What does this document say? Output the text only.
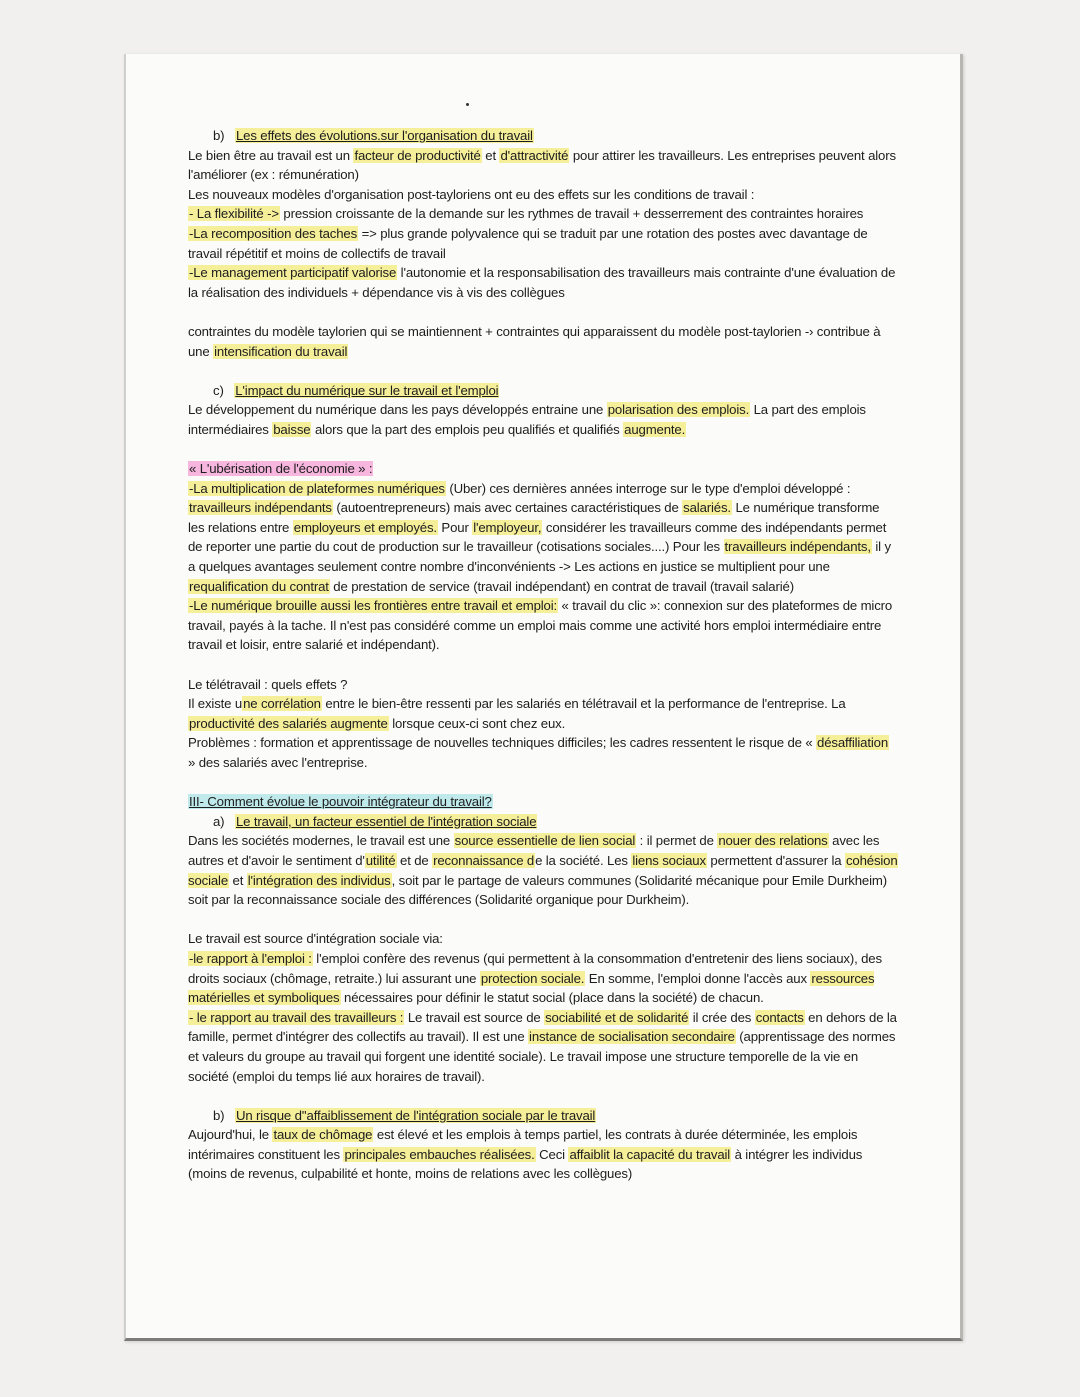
b) Les effets des évolutions.sur l'organisation du travail

Le bien être au travail est un facteur de productivité et d'attractivité pour attirer les travailleurs. Les entreprises peuvent alors l'améliorer (ex : rémunération)

Les nouveaux modèles d'organisation post-tayloriens ont eu des effets sur les conditions de travail :

- La flexibilité -> pression croissante de la demande sur les rythmes de travail + desserrement des contraintes horaires

-La recomposition des taches => plus grande polyvalence qui se traduit par une rotation des postes avec davantage de travail répétitif et moins de collectifs de travail

-Le management participatif valorise l'autonomie et la responsabilisation des travailleurs mais contrainte d'une évaluation de la réalisation des individuels + dépendance vis à vis des collègues

contraintes du modèle taylorien qui se maintiennent + contraintes qui apparaissent du modèle post-taylorien -› contribue à une intensification du travail

c) L'impact du numérique sur le travail et l'emploi

Le développement du numérique dans les pays développés entraine une polarisation des emplois. La part des emplois intermédiaires baisse alors que la part des emplois peu qualifiés et qualifiés augmente.

« L'ubérisation de l'économie » :

-La multiplication de plateformes numériques (Uber) ces dernières années interroge sur le type d'emploi développé : travailleurs indépendants (autoentrepreneurs) mais avec certaines caractéristiques de salariés. Le numérique transforme les relations entre employeurs et employés. Pour l'employeur, considérer les travailleurs comme des indépendants permet de reporter une partie du cout de production sur le travailleur (cotisations sociales....) Pour les travailleurs indépendants, il y a quelques avantages seulement contre nombre d'inconvénients -> Les actions en justice se multiplient pour une requalification du contrat de prestation de service (travail indépendant) en contrat de travail (travail salarié)

-Le numérique brouille aussi les frontières entre travail et emploi: « travail du clic »: connexion sur des plateformes de micro travail, payés à la tache. Il n'est pas considéré comme un emploi mais comme une activité hors emploi intermédiaire entre travail et loisir, entre salarié et indépendant).

Le télétravail : quels effets ?

Il existe une corrélation entre le bien-être ressenti par les salariés en télétravail et la performance de l'entreprise. La productivité des salariés augmente lorsque ceux-ci sont chez eux.

Problèmes : formation et apprentissage de nouvelles techniques difficiles; les cadres ressentent le risque de « désaffiliation » des salariés avec l'entreprise.

III- Comment évolue le pouvoir intégrateur du travail?

a) Le travail, un facteur essentiel de l'intégration sociale

Dans les sociétés modernes, le travail est une source essentielle de lien social : il permet de nouer des relations avec les autres et d'avoir le sentiment d'utilité et de reconnaissance de la société. Les liens sociaux permettent d'assurer la cohésion sociale et l'intégration des individus, soit par le partage de valeurs communes (Solidarité mécanique pour Emile Durkheim) soit par la reconnaissance sociale des différences (Solidarité organique pour Durkheim).

Le travail est source d'intégration sociale via:

-le rapport à l'emploi : l'emploi confère des revenus (qui permettent à la consommation d'entretenir des liens sociaux), des droits sociaux (chômage, retraite.) lui assurant une protection sociale. En somme, l'emploi donne l'accès aux ressources matérielles et symboliques nécessaires pour définir le statut social (place dans la société) de chacun.

- le rapport au travail des travailleurs : Le travail est source de sociabilité et de solidarité il crée des contacts en dehors de la famille, permet d'intégrer des collectifs au travail). Il est une instance de socialisation secondaire (apprentissage des normes et valeurs du groupe au travail qui forgent une identité sociale). Le travail impose une structure temporelle de la vie en société (emploi du temps lié aux horaires de travail).

b) Un risque d''affaiblissement de l'intégration sociale par le travail

Aujourd'hui, le taux de chômage est élevé et les emplois à temps partiel, les contrats à durée déterminée, les emplois intérimaires constituent les principales embauches réalisées. Ceci affaiblit la capacité du travail à intégrer les individus (moins de revenus, culpabilité et honte, moins de relations avec les collègues)
